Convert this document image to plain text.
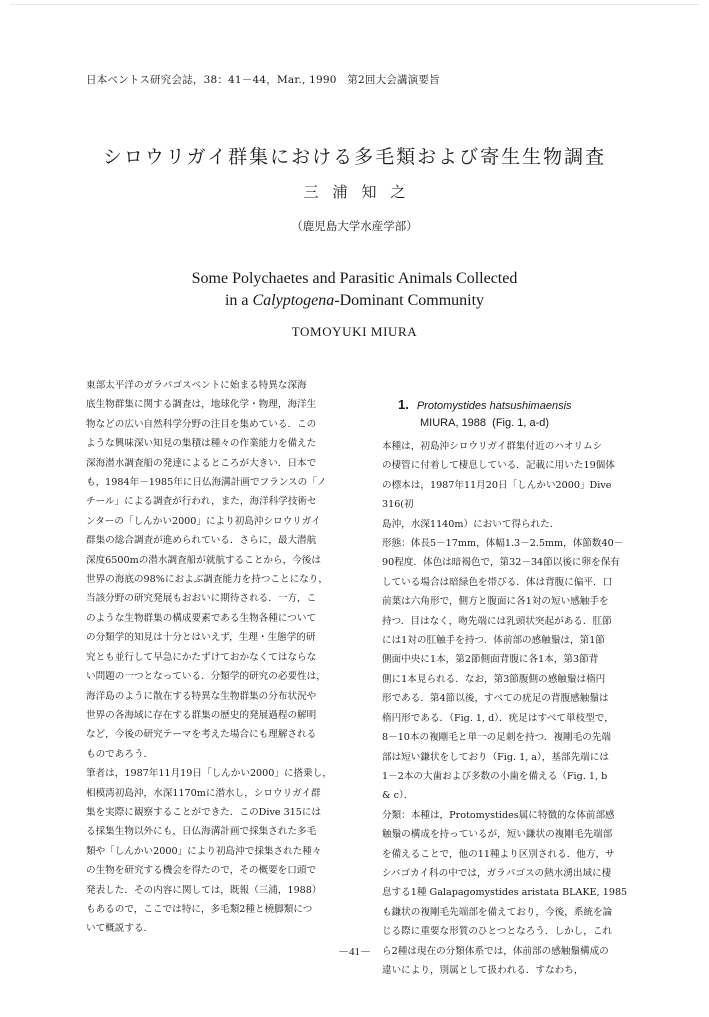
日本ベントス研究会誌，38：41－44，Mar., 1990　第2回大会講演要旨
シロウリガイ群集における多毛類および寄生生物調査
三浦知之
（鹿児島大学水産学部）
Some Polychaetes and Parasitic Animals Collected
in a Calyptogena-Dominant Community
TOMOYUKI MIURA
東部太平洋のガラパゴスベントに始まる特異な深海
底生物群集に関する調査は，地球化学・物理，海洋生
物などの広い自然科学分野の注目を集めている．この
ような興味深い知見の集積は種々の作業能力を備えた
深海潜水調査船の発達によるところが大きい．日本で
も，1984年－1985年に日仏海溝計画でフランスの「ノ
チール」による調査が行われ，また，海洋科学技術セ
ンターの「しんかい2000」により初島沖シロウリガイ
群集の総合調査が進められている．さらに，最大潜航
深度6500mの潜水調査船が就航することから，今後は
世界の海底の98%におよぶ調査能力を持つことになり，
当該分野の研究発展もおおいに期待される．一方，こ
のような生物群集の構成要素である生物各種について
の分類学的知見は十分とはいえず，生理・生態学的研
究とも並行して早急にかたずけておかなくてはならな
い問題の一つとなっている．分類学的研究の必要性は，
海洋島のように散在する特異な生物群集の分布状況や
世界の各海域に存在する群集の歴史的発展過程の解明
など，今後の研究テーマを考えた場合にも理解される
ものであろう．
筆者は，1987年11月19日「しんかい2000」に搭乗し，
相模湾初島沖，水深1170mに潜水し，シロウリガイ群
集を実際に観察することができた．このDive 315には
る採集生物以外にも，日仏海溝計画で採集された多毛
類や「しんかい2000」により初島沖で採集された種々
の生物を研究する機会を得たので，その概要を口頭で
発表した．その内容に関しては，既報（三浦，1988）
もあるので，ここでは特に，多毛類2種と橈脚類につ
いて概説する．
1. Protomystides hatsushimaensis
MIURA, 1988 (Fig. 1, a-d)
本種は，初島沖シロウリガイ群集付近のハオリムシ
の棲管に付着して棲息している．記載に用いた19個体
の標本は，1987年11月20日「しんかい2000」Dive 316(初
島沖，水深1140m）において得られた．
形態：体長5－17mm，体幅1.3－2.5mm，体節数40－
90程度．体色は暗褐色で，第32－34節以後に卵を保有
している場合は暗緑色を帯びる．体は背腹に偏平．口
前葉は六角形で，側方と腹面に各1対の短い感触手を
持つ．目はなく，吻先端には乳頭状突起がある．肛節
には1対の肛触手を持つ．体前部の感触鬚は，第1節
側面中央に1本，第2節側面背腹に各1本，第3節背
側に1本見られる．なお，第3節腹側の感触鬚は楕円
形である．第4節以後，すべての疣足の背腹感触鬚は
楕円形である．（Fig. 1, d）．疣足はすべて単枝型で，
8－10本の複剛毛と単一の足刺を持つ．複剛毛の先端
部は短い鎌状をしており（Fig. 1, a），基部先端には
1－2本の大歯および多数の小歯を備える（Fig. 1, b
& c）．
分類：本種は，Protomystides属に特徴的な体前部感
触鬚の構成を持っているが，短い鎌状の複剛毛先端部
を備えることで，他の11種より区別される．他方，サ
シバゴカイ科の中では，ガラパゴスの熱水湧出域に棲
息する1種 Galapagomystides aristata BLAKE, 1985
も鎌状の複剛毛先端部を備えており，今後，系統を論
じる際に重要な形質のひとつとなろう．しかし，これ
ら2種は現在の分類体系では，体前部の感触鬚構成の
違いにより，別属として扱われる．すなわち，
－41－
